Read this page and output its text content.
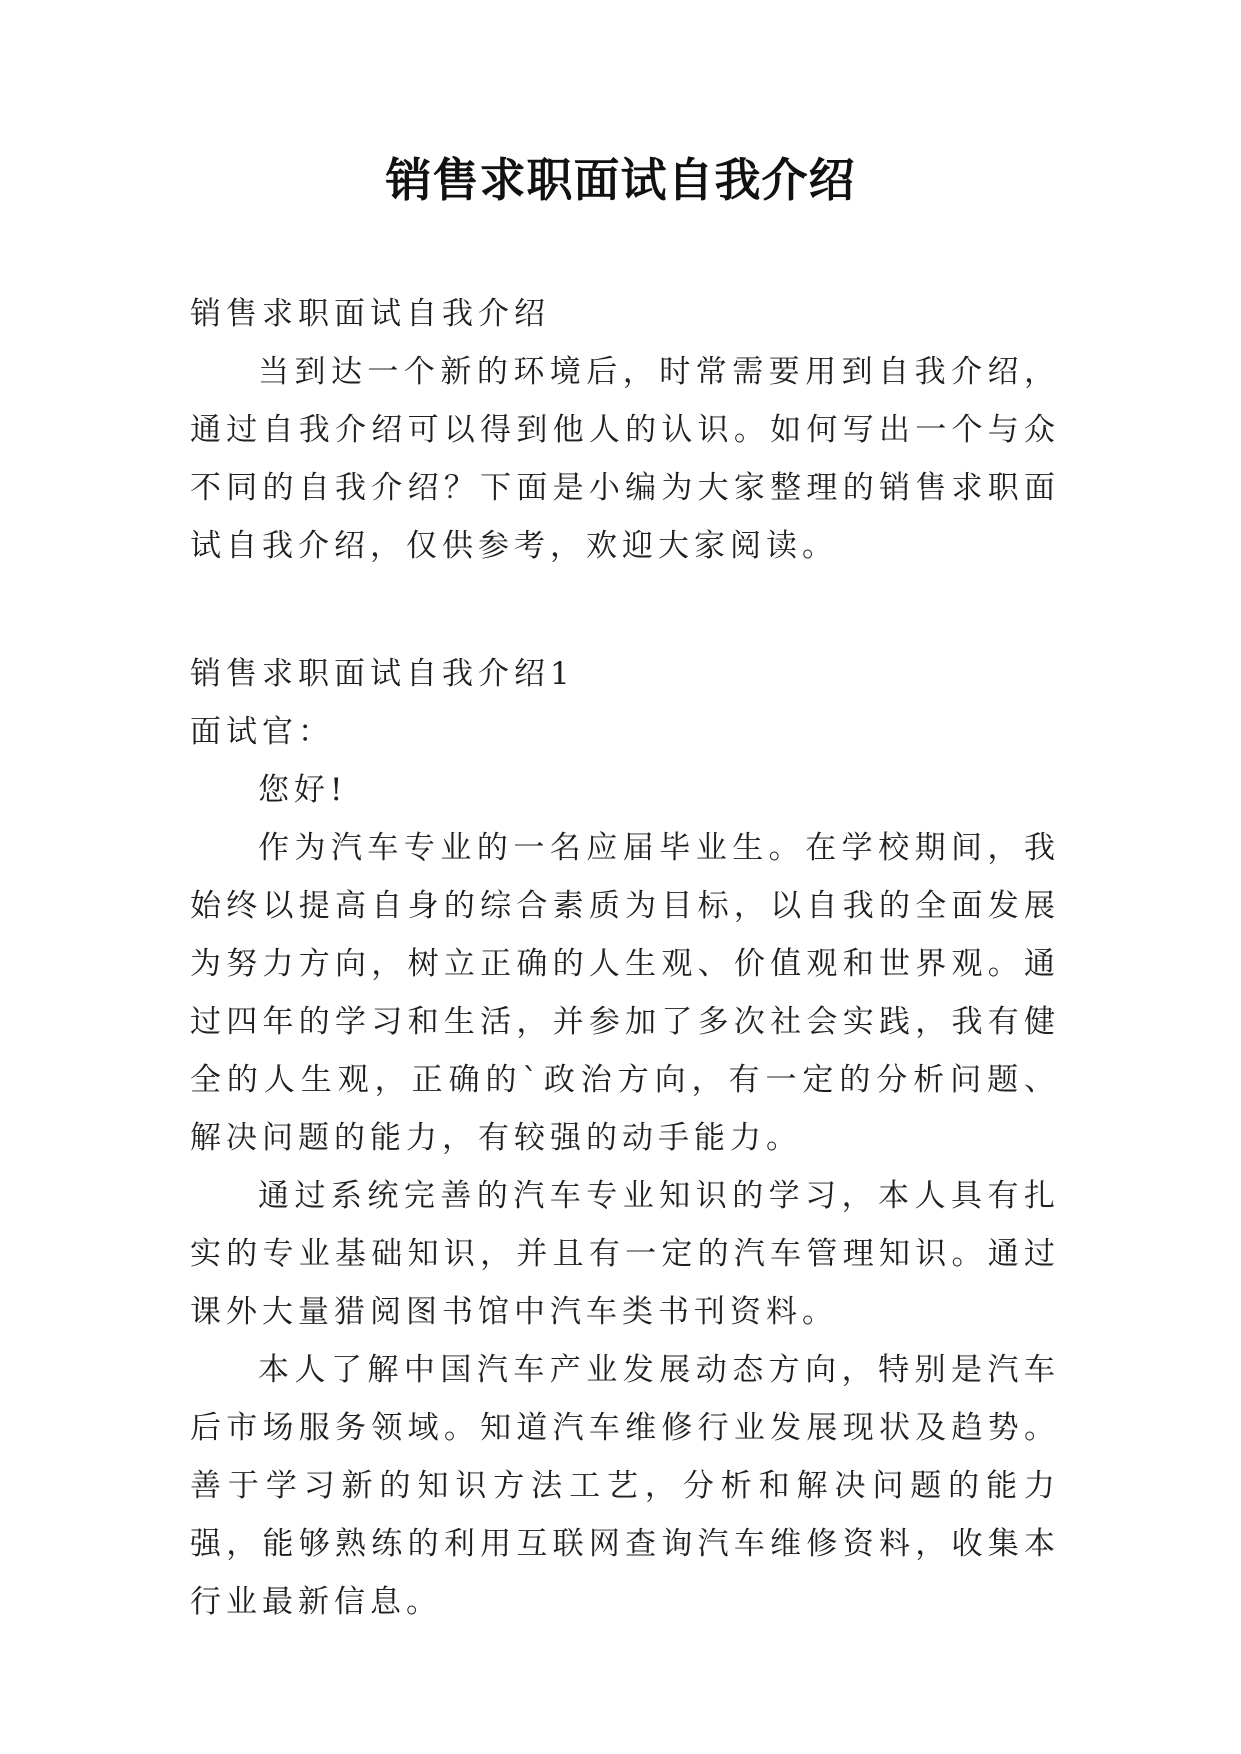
销售求职面试自我介绍

销售求职面试自我介绍

当到达一个新的环境后，时常需要用到自我介绍，通过自我介绍可以得到他人的认识。如何写出一个与众不同的自我介绍？下面是小编为大家整理的销售求职面试自我介绍，仅供参考，欢迎大家阅读。

销售求职面试自我介绍1

面试官：

您好!

作为汽车专业的一名应届毕业生。在学校期间，我始终以提高自身的综合素质为目标，以自我的全面发展为努力方向，树立正确的人生观、价值观和世界观。通过四年的学习和生活，并参加了多次社会实践，我有健全的人生观，正确的`政治方向，有一定的分析问题、解决问题的能力，有较强的动手能力。

通过系统完善的汽车专业知识的学习，本人具有扎实的专业基础知识，并且有一定的汽车管理知识。通过课外大量猎阅图书馆中汽车类书刊资料。

本人了解中国汽车产业发展动态方向，特别是汽车后市场服务领域。知道汽车维修行业发展现状及趋势。善于学习新的知识方法工艺，分析和解决问题的能力强，能够熟练的利用互联网查询汽车维修资料，收集本行业最新信息。
